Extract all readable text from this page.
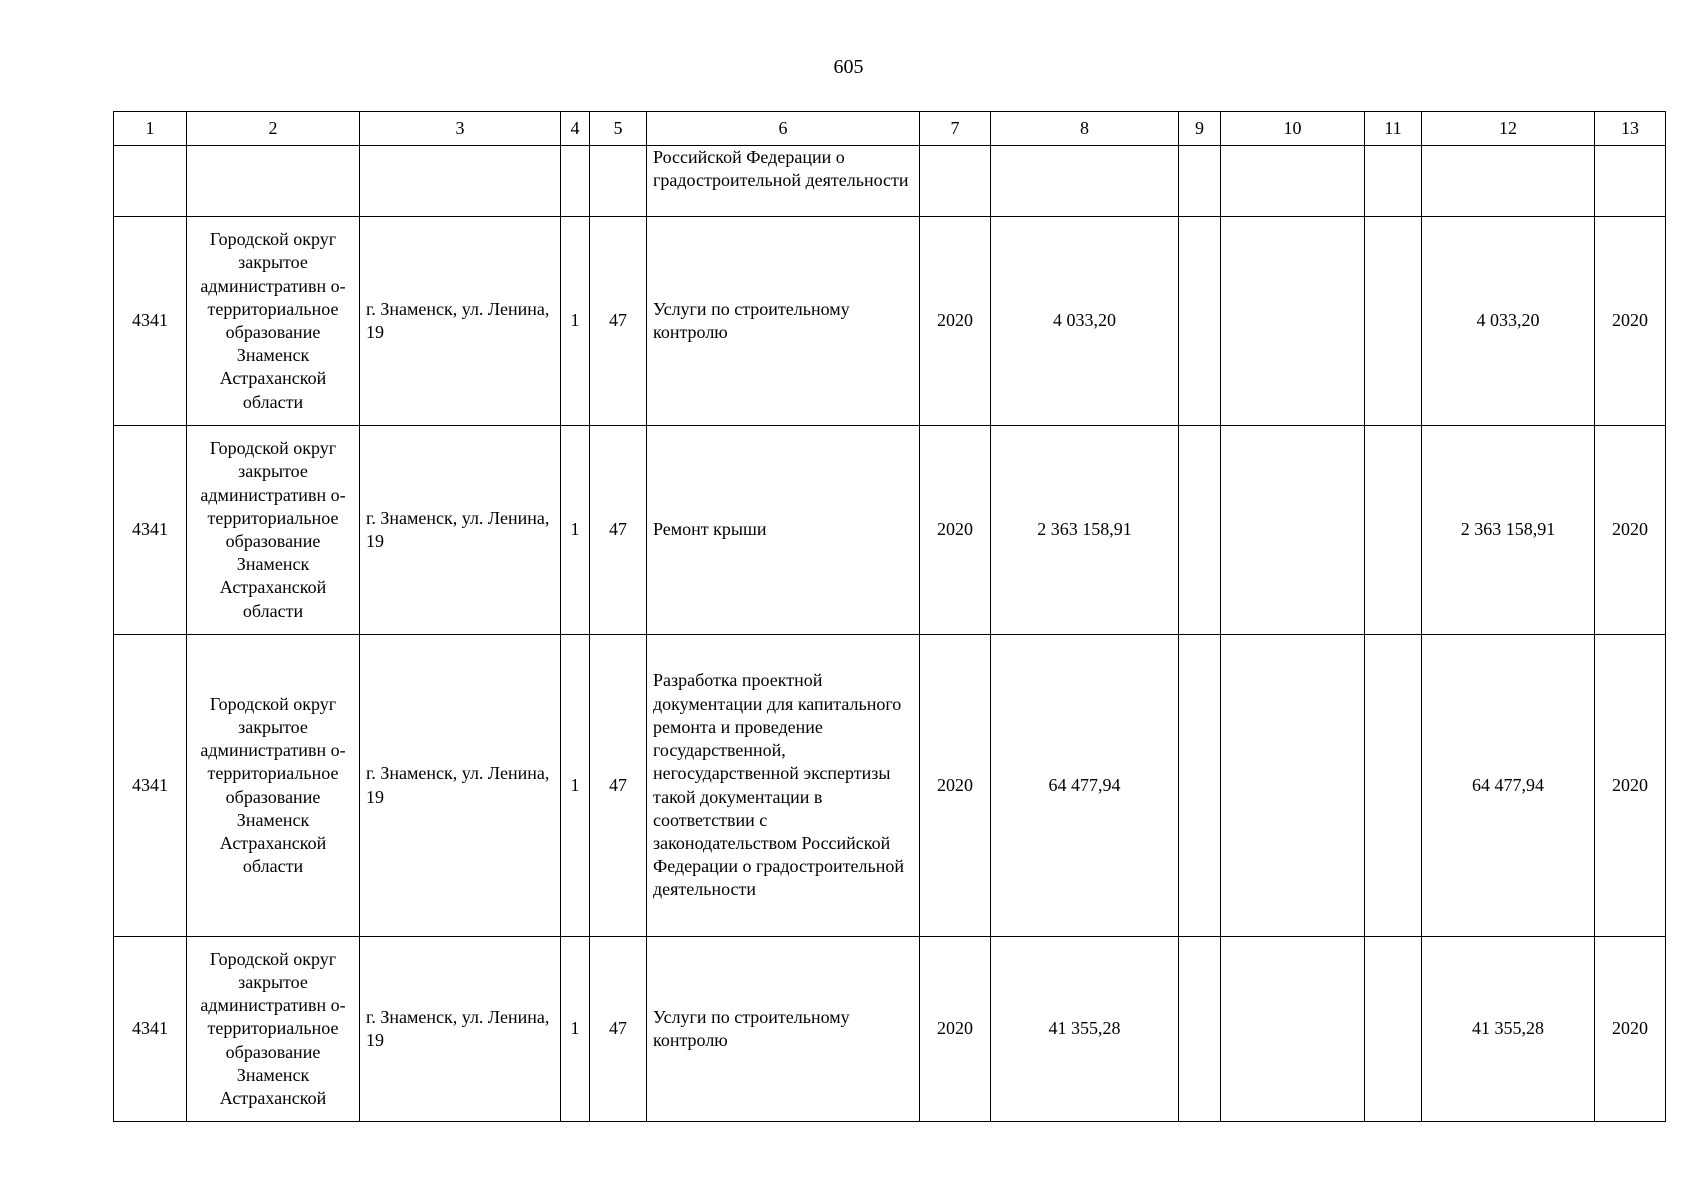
605
1	2	3	4	5	6	7	8	9	10	11	12	13
					Российской Федерации о градостроительной деятельности							
4341	Городской округ закрытое административн о- территориальное образование Знаменск Астраханской области	г. Знаменск, ул. Ленина, 19	1	47	Услуги по строительному контролю	2020	4 033,20				4 033,20	2020
4341	Городской округ закрытое административн о- территориальное образование Знаменск Астраханской области	г. Знаменск, ул. Ленина, 19	1	47	Ремонт крыши	2020	2 363 158,91				2 363 158,91	2020
4341	Городской округ закрытое административн о- территориальное образование Знаменск Астраханской области	г. Знаменск, ул. Ленина, 19	1	47	Разработка проектной документации для капитального ремонта и проведение государственной, негосударственной экспертизы такой документации в соответствии с законодательством Российской Федерации о градостроительной деятельности	2020	64 477,94				64 477,94	2020
4341	Городской округ закрытое административн о- территориальное образование Знаменск Астраханской	г. Знаменск, ул. Ленина, 19	1	47	Услуги по строительному контролю	2020	41 355,28				41 355,28	2020
